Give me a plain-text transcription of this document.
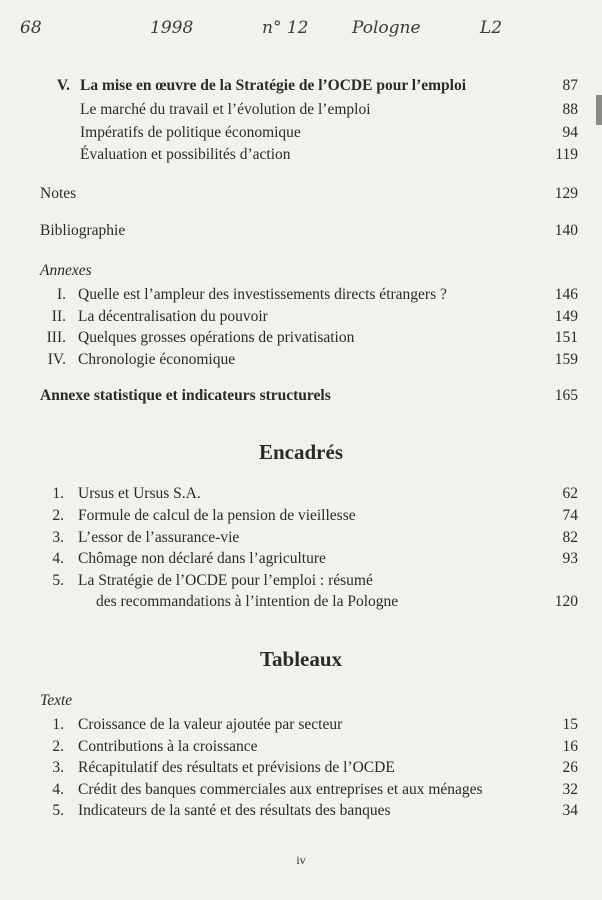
68	1998	n° 12	Pologne	L2
V. La mise en œuvre de la Stratégie de l’OCDE pour l’emploi	87
Le marché du travail et l’évolution de l’emploi	88
Impératifs de politique économique	94
Évaluation et possibilités d’action	119
Notes	129
Bibliographie	140
Annexes
I. Quelle est l’ampleur des investissements directs étrangers ?	146
II. La décentralisation du pouvoir	149
III. Quelques grosses opérations de privatisation	151
IV. Chronologie économique	159
Annexe statistique et indicateurs structurels	165
Encadrés
1. Ursus et Ursus S.A.	62
2. Formule de calcul de la pension de vieillesse	74
3. L’essor de l’assurance-vie	82
4. Chômage non déclaré dans l’agriculture	93
5. La Stratégie de l’OCDE pour l’emploi : résumé
des recommandations à l’intention de la Pologne	120
Tableaux
Texte
1. Croissance de la valeur ajoutée par secteur	15
2. Contributions à la croissance	16
3. Récapitulatif des résultats et prévisions de l’OCDE	26
4. Crédit des banques commerciales aux entreprises et aux ménages	32
5. Indicateurs de la santé et des résultats des banques	34
iv
